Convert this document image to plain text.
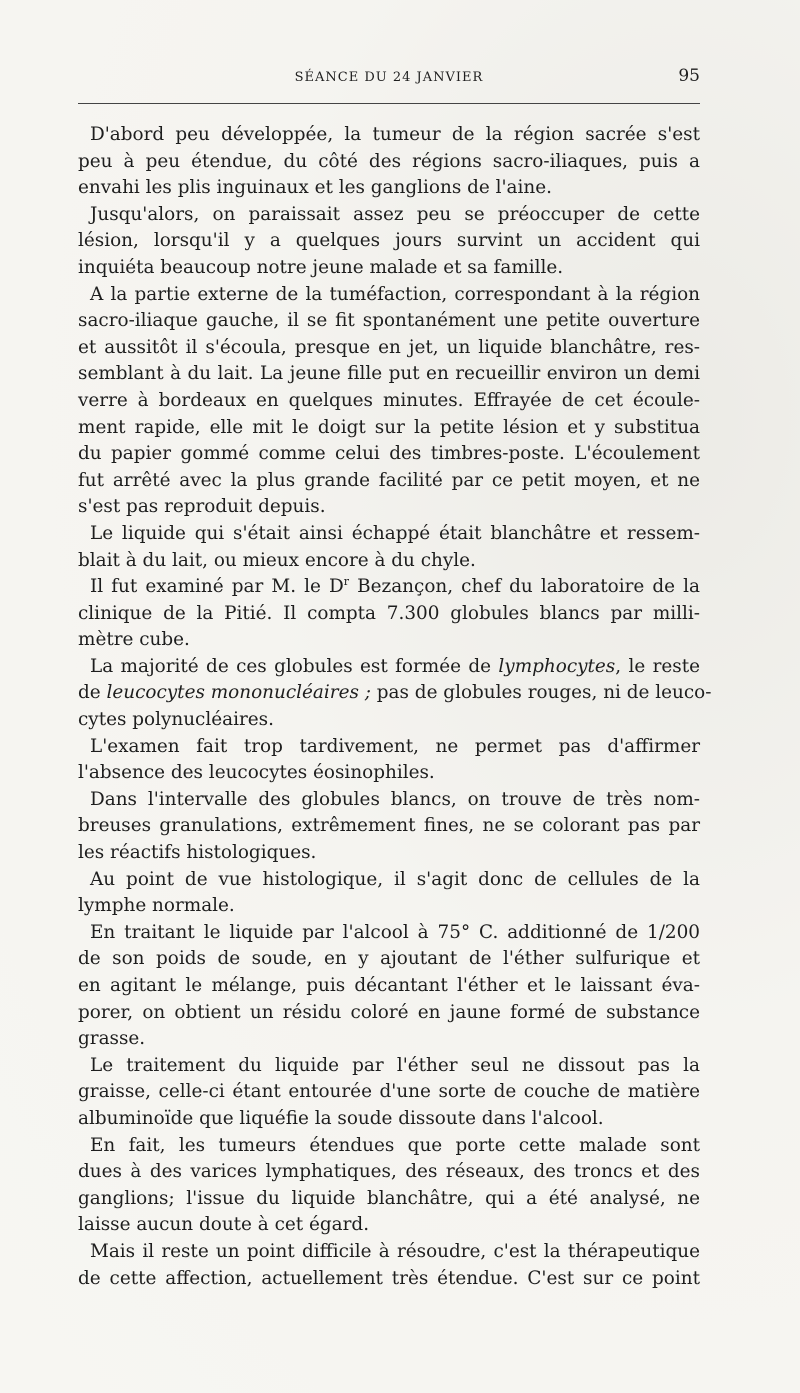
SÉANCE DU 24 JANVIER	95
D'abord peu développée, la tumeur de la région sacrée s'est
peu à peu étendue, du côté des régions sacro-iliaques, puis a
envahi les plis inguinaux et les ganglions de l'aine.
Jusqu'alors, on paraissait assez peu se préoccuper de cette
lésion, lorsqu'il y a quelques jours survint un accident qui
inquiéta beaucoup notre jeune malade et sa famille.
A la partie externe de la tuméfaction, correspondant à la région
sacro-iliaque gauche, il se fit spontanément une petite ouverture
et aussitôt il s'écoula, presque en jet, un liquide blanchâtre, res-
semblant à du lait. La jeune fille put en recueillir environ un demi
verre à bordeaux en quelques minutes. Effrayée de cet écoule-
ment rapide, elle mit le doigt sur la petite lésion et y substitua
du papier gommé comme celui des timbres-poste. L'écoulement
fut arrêté avec la plus grande facilité par ce petit moyen, et ne
s'est pas reproduit depuis.
Le liquide qui s'était ainsi échappé était blanchâtre et ressem-
blait à du lait, ou mieux encore à du chyle.
Il fut examiné par M. le $D^r$ Bezançon, chef du laboratoire de la
clinique de la Pitié. Il compta 7.300 globules blancs par milli-
mètre cube.
La majorité de ces globules est formée de lymphocytes, le reste
de leucocytes mononucléaires ; pas de globules rouges, ni de leuco-
cytes polynucléaires.
L'examen fait trop tardivement, ne permet pas d'affirmer
l'absence des leucocytes éosinophiles.
Dans l'intervalle des globules blancs, on trouve de très nom-
breuses granulations, extrêmement fines, ne se colorant pas par
les réactifs histologiques.
Au point de vue histologique, il s'agit donc de cellules de la
lymphe normale.
En traitant le liquide par l'alcool à 75° C. additionné de 1/200
de son poids de soude, en y ajoutant de l'éther sulfurique et
en agitant le mélange, puis décantant l'éther et le laissant éva-
porer, on obtient un résidu coloré en jaune formé de substance
grasse.
Le traitement du liquide par l'éther seul ne dissout pas la
graisse, celle-ci étant entourée d'une sorte de couche de matière
albuminoïde que liquéfie la soude dissoute dans l'alcool.
En fait, les tumeurs étendues que porte cette malade sont
dues à des varices lymphatiques, des réseaux, des troncs et des
ganglions; l'issue du liquide blanchâtre, qui a été analysé, ne
laisse aucun doute à cet égard.
Mais il reste un point difficile à résoudre, c'est la thérapeutique
de cette affection, actuellement très étendue. C'est sur ce point
